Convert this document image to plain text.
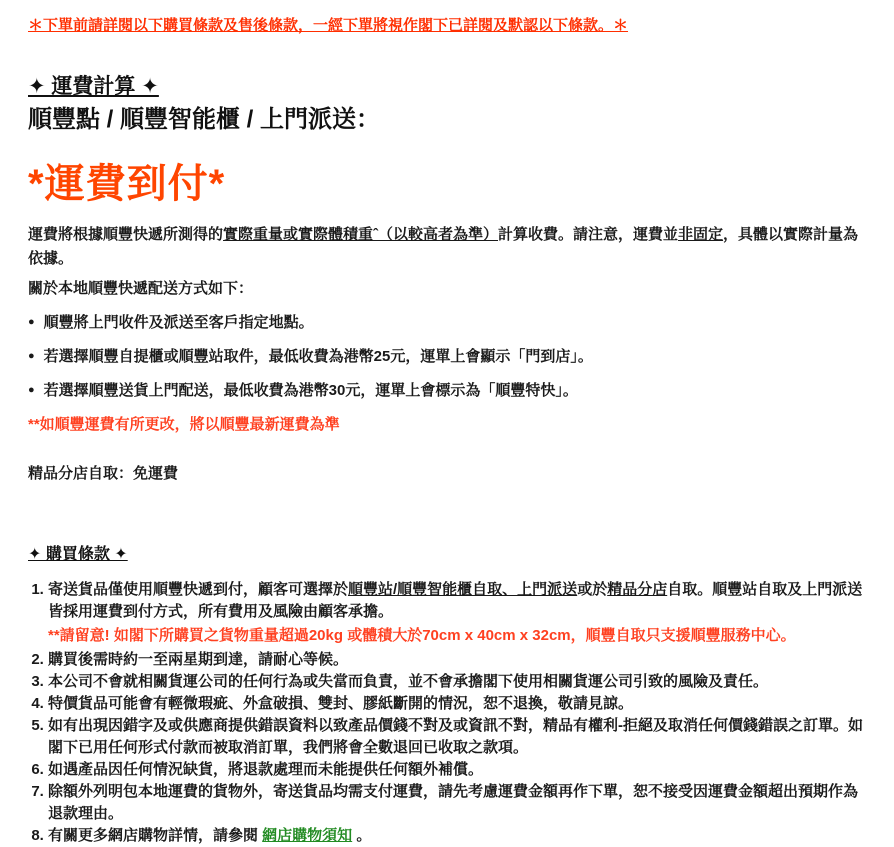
＊下單前請詳閱以下購買條款及售後條款，一經下單將視作閣下已詳閱及默認以下條款。＊

✦ 運費計算 ✦
順豐點 / 順豐智能櫃 / 上門派送：
*運費到付*

運費將根據順豐快遞所測得的實際重量或實際體積重ˆ（以較高者為準）計算收費。請注意，運費並非固定，具體以實際計量為依據。

關於本地順豐快遞配送方式如下：

● 順豐將上門收件及派送至客戶指定地點。
● 若選擇順豐自提櫃或順豐站取件，最低收費為港幣25元，運單上會顯示「門到店」。
● 若選擇順豐送貨上門配送，最低收費為港幣30元，運單上會標示為「順豐特快」。

**如順豐運費有所更改，將以順豐最新運費為準

精品分店自取：免運費

✦ 購買條款 ✦
1. 寄送貨品僅使用順豐快遞到付，顧客可選擇於順豐站/順豐智能櫃自取、上門派送或於精品分店自取。順豐站自取及上門派送皆採用運費到付方式，所有費用及風險由顧客承擔。
**請留意! 如閣下所購買之貨物重量超過20kg 或體積大於70cm x 40cm x 32cm，順豐自取只支援順豐服務中心。
2. 購買後需時約一至兩星期到達，請耐心等候。
3. 本公司不會就相關貨運公司的任何行為或失當而負責，並不會承擔閣下使用相關貨運公司引致的風險及責任。
4. 特價貨品可能會有輕微瑕疵、外盒破損、雙封、膠紙斷開的情況，恕不退換，敬請見諒。
5. 如有出現因錯字及或供應商提供錯誤資料以致產品價錢不對及或資訊不對，精品有權利-拒絕及取消任何價錢錯誤之訂單。如閣下已用任何形式付款而被取消訂單，我們將會全數退回已收取之款項。
6. 如遇產品因任何情況缺貨，將退款處理而未能提供任何額外補償。
7. 除額外列明包本地運費的貨物外，寄送貨品均需支付運費，請先考慮運費金額再作下單，恕不接受因運費金額超出預期作為退款理由。
8. 有關更多網店購物詳情，請參閱 網店購物須知 。
